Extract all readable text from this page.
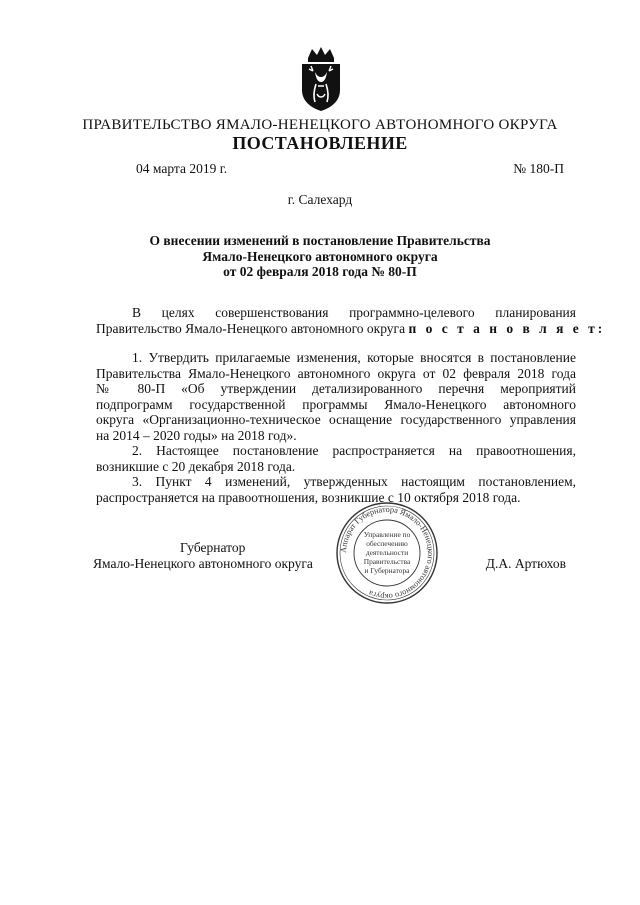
ПРАВИТЕЛЬСТВО ЯМАЛО-НЕНЕЦКОГО АВТОНОМНОГО ОКРУГА
ПОСТАНОВЛЕНИЕ
04 марта 2019 г.	№ 180-П
г. Салехард
О внесении изменений в постановление Правительства
Ямало-Ненецкого автономного округа
от 02 февраля 2018 года № 80-П
В целях совершенствования программно-целевого планирования
Правительство Ямало-Ненецкого автономного округа п о с т а н о в л я е т:
1. Утвердить прилагаемые изменения, которые вносятся в постановление
Правительства Ямало-Ненецкого автономного округа от 02 февраля 2018 года
№ 80-П «Об утверждении детализированного перечня мероприятий
подпрограмм государственной программы Ямало-Ненецкого автономного
округа «Организационно-техническое оснащение государственного управления
на 2014 – 2020 годы» на 2018 год».
2. Настоящее постановление распространяется на правоотношения,
возникшие с 20 декабря 2018 года.
3. Пункт 4 изменений, утвержденных настоящим постановлением,
распространяется на правоотношения, возникшие с 10 октября 2018 года.
Аппарат Губернатора Ямало-Ненецкого автономного округа
Управление по
обеспечению
деятельности
Правительства
и Губернатора
Губернатор
Ямало-Ненецкого автономного округа	Д.А. Артюхов
